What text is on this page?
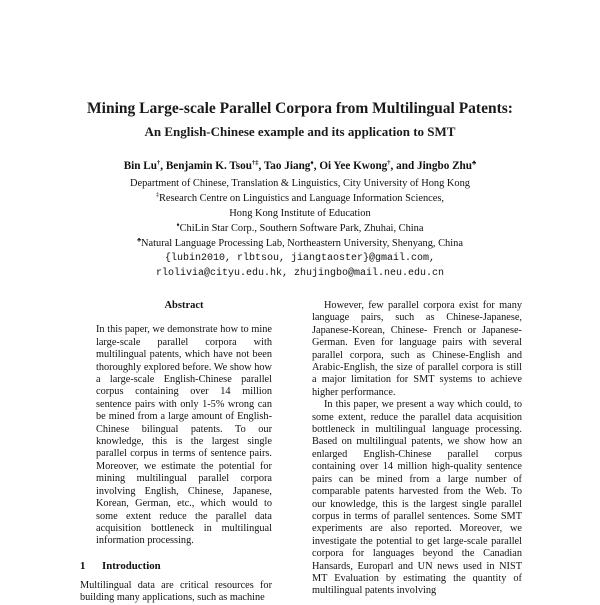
Mining Large-scale Parallel Corpora from Multilingual Patents:
An English-Chinese example and its application to SMT
Bin Lu†, Benjamin K. Tsou†‡, Tao Jiang♦, Oi Yee Kwong†, and Jingbo Zhu♣
Department of Chinese, Translation & Linguistics, City University of Hong Kong
‡Research Centre on Linguistics and Language Information Sciences,
Hong Kong Institute of Education
♦ChiLin Star Corp., Southern Software Park, Zhuhai, China
♣Natural Language Processing Lab, Northeastern University, Shenyang, China
{lubin2010, rlbtsou, jiangtaoster}@gmail.com,
rlolivia@cityu.edu.hk, zhujingbo@mail.neu.edu.cn
Abstract

In this paper, we demonstrate how to mine large-scale parallel corpora with multilingual patents, which have not been thoroughly explored before. We show how a large-scale English-Chinese parallel corpus containing over 14 million sentence pairs with only 1-5% wrong can be mined from a large amount of English-Chinese bilingual patents. To our knowledge, this is the largest single parallel corpus in terms of sentence pairs. Moreover, we estimate the potential for mining multilingual parallel corpora involving English, Chinese, Japanese, Korean, German, etc., which would to some extent reduce the parallel data acquisition bottleneck in multilingual information processing.

However, few parallel corpora exist for many language pairs, such as Chinese-Japanese, Japanese-Korean, Chinese- French or Japanese-German. Even for language pairs with several parallel corpora, such as Chinese-English and Arabic-English, the size of parallel corpora is still a major limitation for SMT systems to achieve higher performance.

In this paper, we present a way which could, to some extent, reduce the parallel data acquisition bottleneck in multilingual language processing. Based on multilingual patents, we show how an enlarged English-Chinese parallel corpus containing over 14 million high-quality sentence pairs can be mined from a large number of comparable patents harvested from the Web. To our knowledge, this is the largest single parallel corpus in terms of parallel sentences. Some SMT experiments are also reported. Moreover, we investigate the potential to get large-scale parallel corpora for languages beyond the Canadian Hansards, Europarl and UN news used in NIST MT Evaluation by estimating the quantity of multilingual patents involving

1 Introduction

Multilingual data are critical resources for building many applications, such as machine
